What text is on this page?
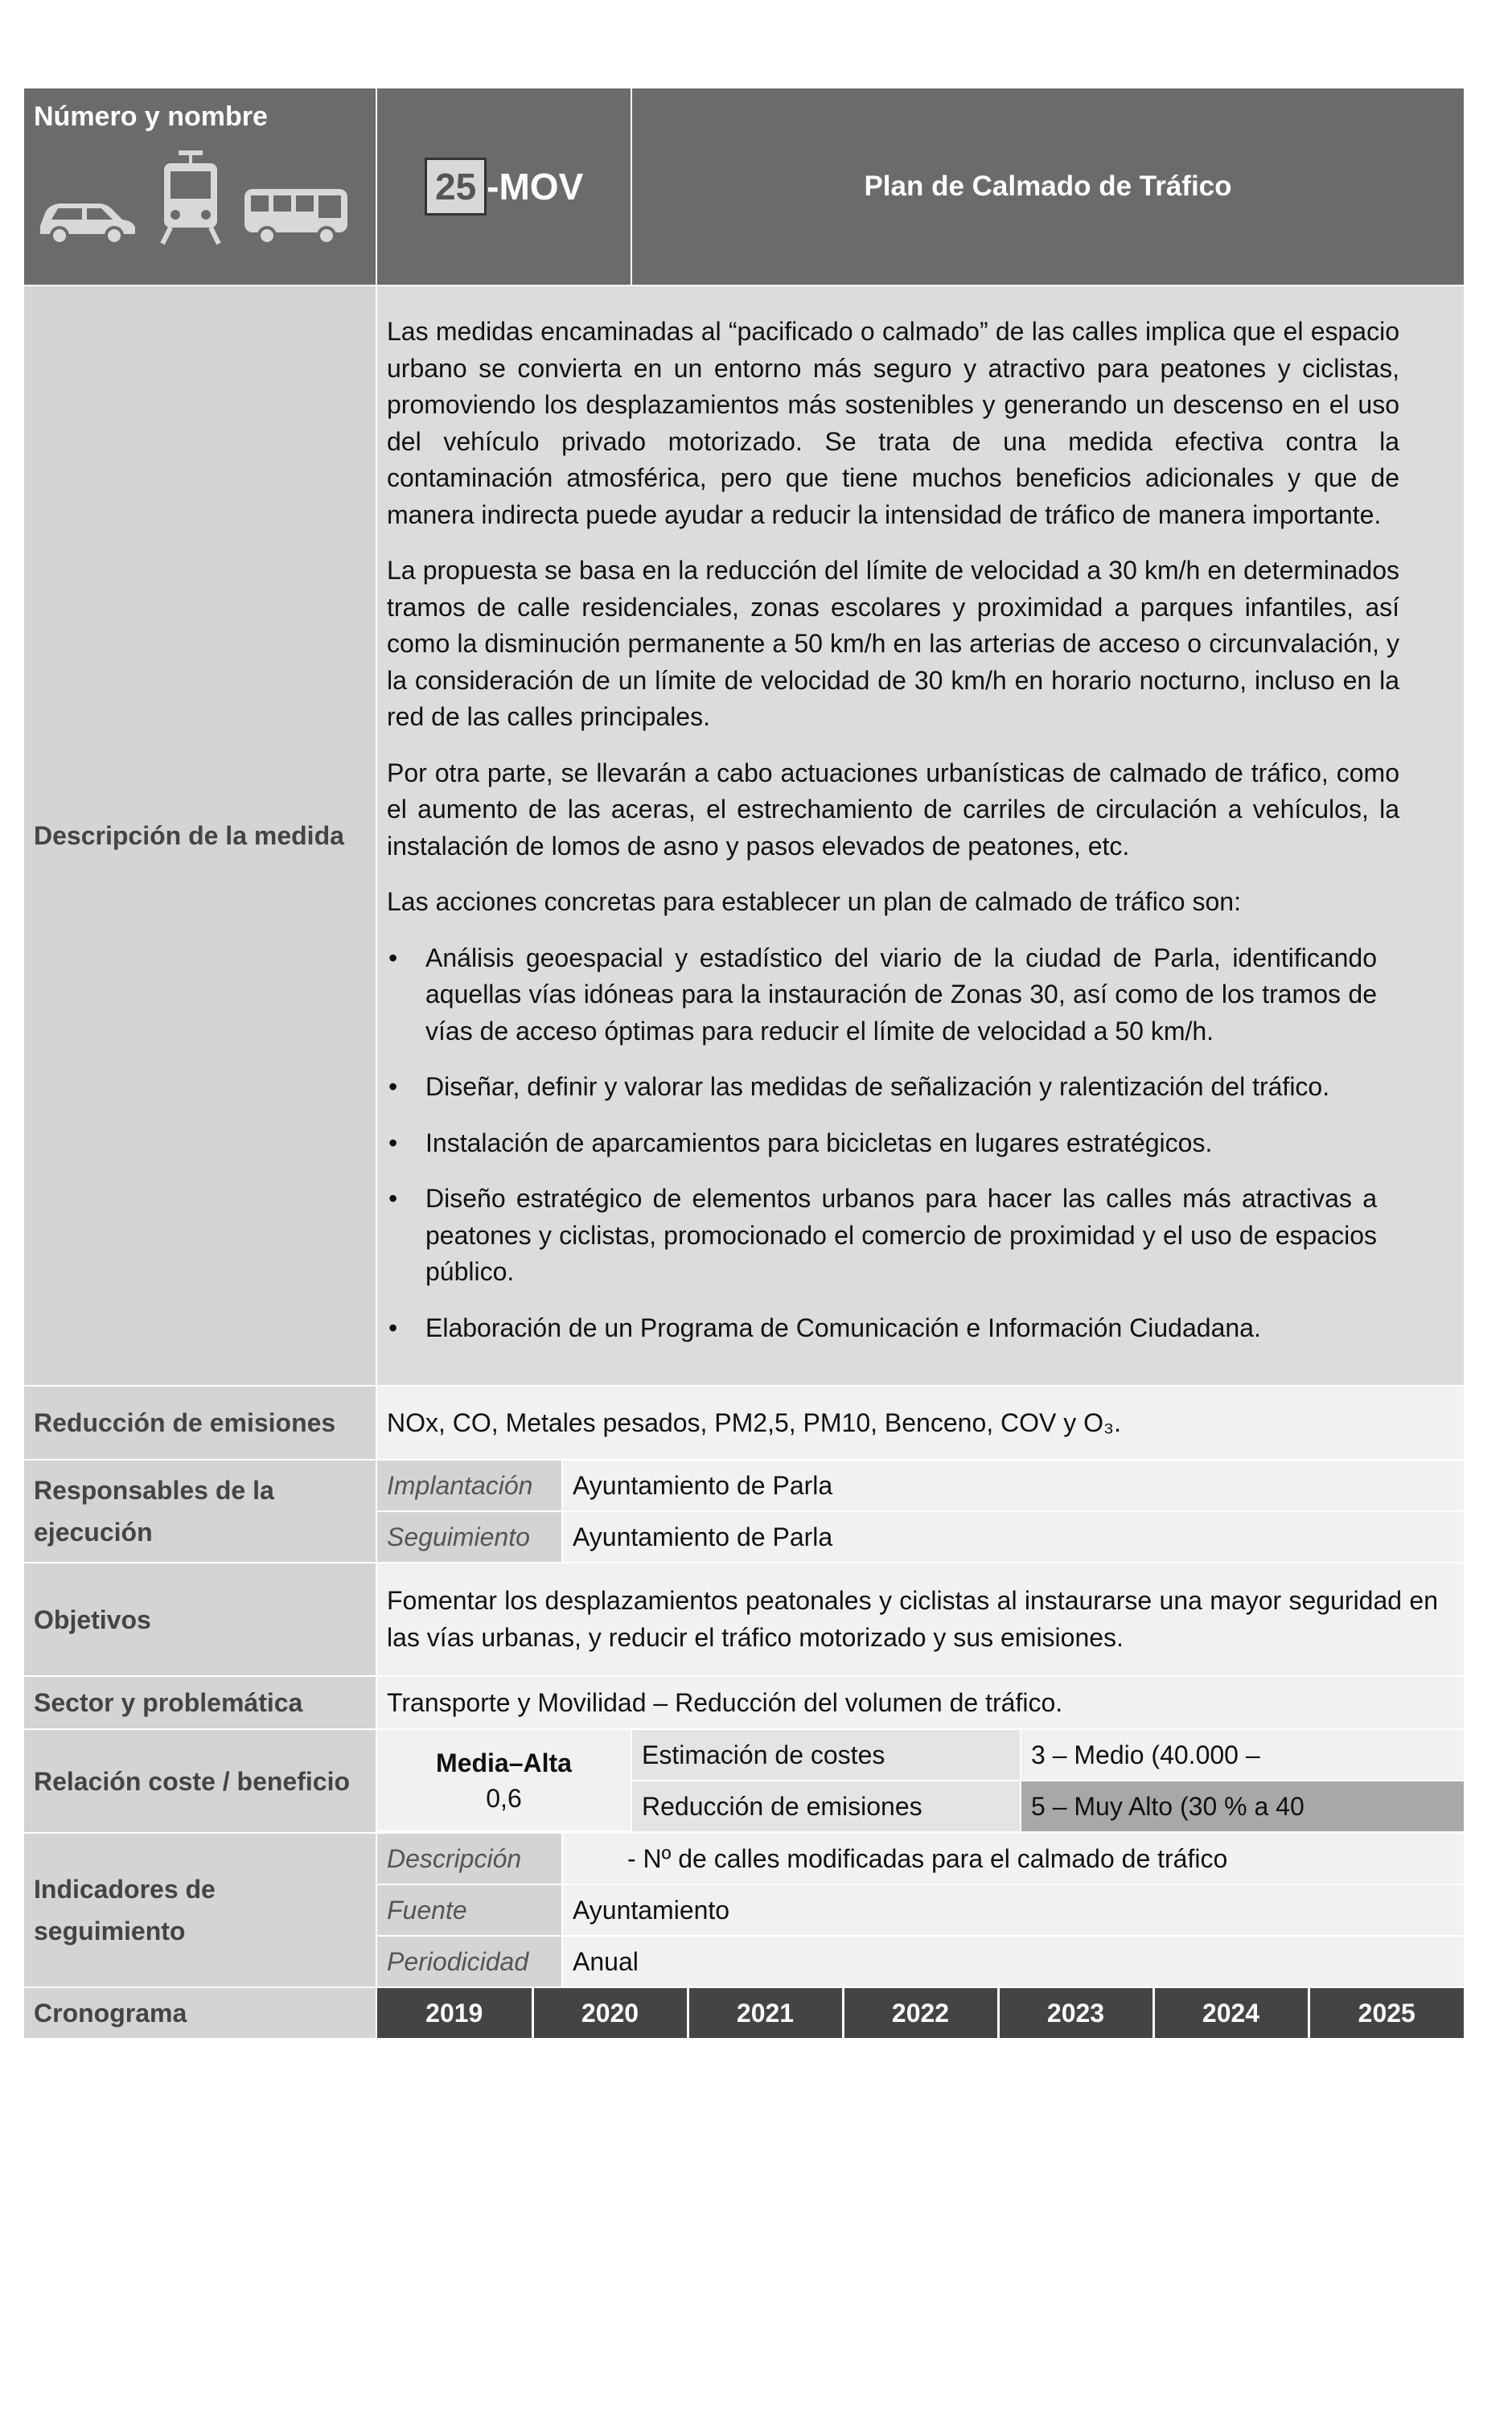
Número y nombre

25 -MOV	Plan de Calmado de Tráfico

Descripción de la medida	

Las medidas encaminadas al “pacificado o calmado” de las calles implica que el espacio urbano se convierta en un entorno más seguro y atractivo para peatones y ciclistas, promoviendo los desplazamientos más sostenibles y generando un descenso en el uso del vehículo privado motorizado. Se trata de una medida efectiva contra la contaminación atmosférica, pero que tiene muchos beneficios adicionales y que de manera indirecta puede ayudar a reducir la intensidad de tráfico de manera importante.

La propuesta se basa en la reducción del límite de velocidad a 30 km/h en determinados tramos de calle residenciales, zonas escolares y proximidad a parques infantiles, así como la disminución permanente a 50 km/h en las arterias de acceso o circunvalación, y la consideración de un límite de velocidad de 30 km/h en horario nocturno, incluso en la red de las calles principales.

Por otra parte, se llevarán a cabo actuaciones urbanísticas de calmado de tráfico, como el aumento de las aceras, el estrechamiento de carriles de circulación a vehículos, la instalación de lomos de asno y pasos elevados de peatones, etc.

Las acciones concretas para establecer un plan de calmado de tráfico son:

• Análisis geoespacial y estadístico del viario de la ciudad de Parla, identificando aquellas vías idóneas para la instauración de Zonas 30, así como de los tramos de vías de acceso óptimas para reducir el límite de velocidad a 50 km/h.
• Diseñar, definir y valorar las medidas de señalización y ralentización del tráfico.
• Instalación de aparcamientos para bicicletas en lugares estratégicos.
• Diseño estratégico de elementos urbanos para hacer las calles más atractivas a peatones y ciclistas, promocionado el comercio de proximidad y el uso de espacios público.
• Elaboración de un Programa de Comunicación e Información Ciudadana.

Reducción de emisiones	NOx, CO, Metales pesados, PM2,5, PM10, Benceno, COV y O₃.
Responsables de la ejecución	
Implantación	Ayuntamiento de Parla
Seguimiento	Ayuntamiento de Parla

Objetivos	Fomentar los desplazamientos peatonales y ciclistas al instaurarse una mayor seguridad en las vías urbanas, y reducir el tráfico motorizado y sus emisiones.
Sector y problemática	Transporte y Movilidad – Reducción del volumen de tráfico.
Relación coste / beneficio	
Media–Alta
0,6	Estimación de costes	3 – Medio (40.000 –
Reducción de emisiones	5 – Muy Alto (30 % a 40

Indicadores de seguimiento	
Descripción	- Nº de calles modificadas para el calmado de tráfico
Fuente	Ayuntamiento
Periodicidad	Anual

Cronograma		2019	2020	2021	2022	2023	2024	2025
